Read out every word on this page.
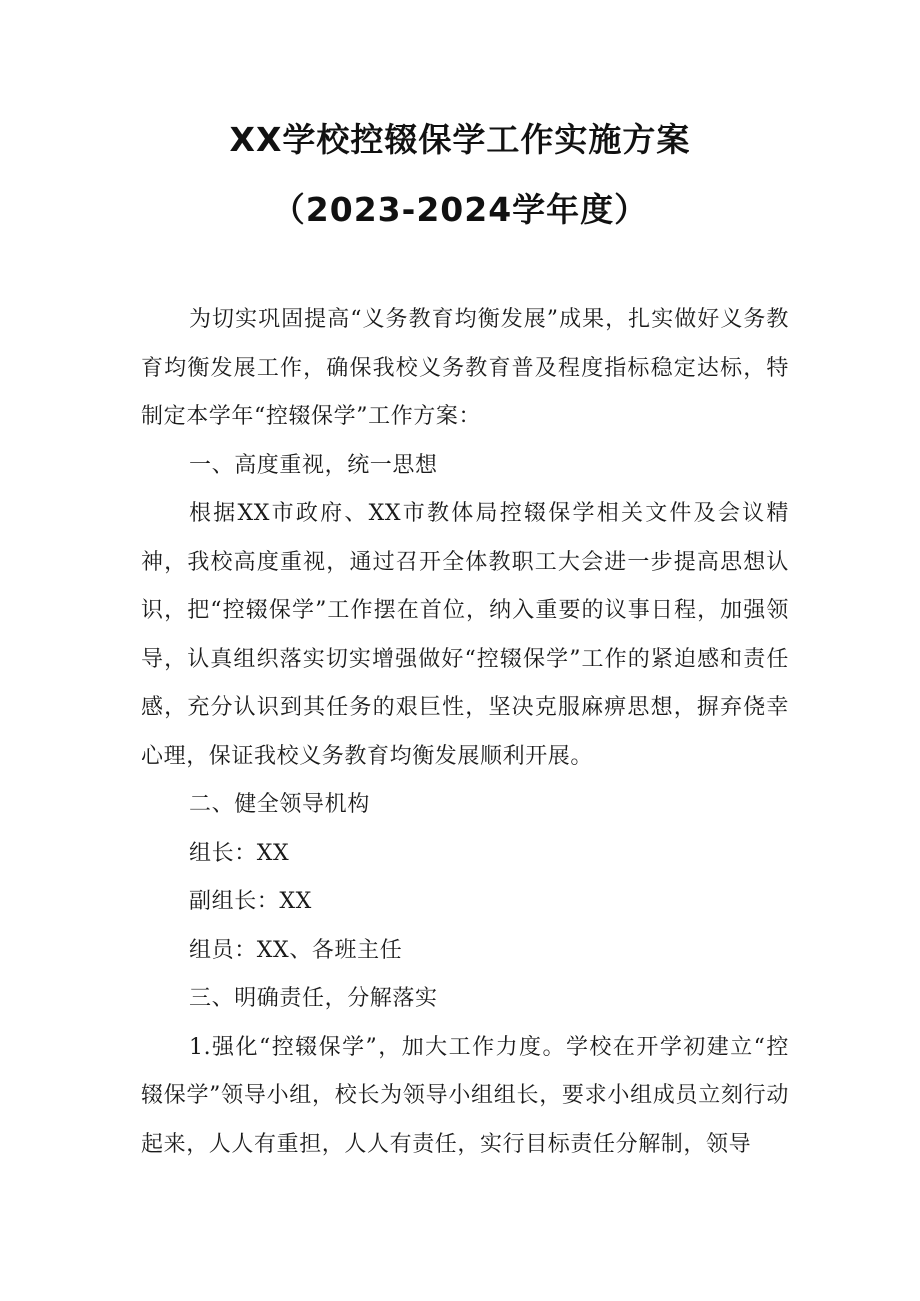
XX学校控辍保学工作实施方案
（2023-2024学年度）

为切实巩固提高“义务教育均衡发展”成果，扎实做好义务教育均衡发展工作，确保我校义务教育普及程度指标稳定达标，特制定本学年“控辍保学”工作方案：

一、高度重视，统一思想

根据XX市政府、XX市教体局控辍保学相关文件及会议精神，我校高度重视，通过召开全体教职工大会进一步提高思想认识，把“控辍保学”工作摆在首位，纳入重要的议事日程，加强领导，认真组织落实切实增强做好“控辍保学”工作的紧迫感和责任感，充分认识到其任务的艰巨性，坚决克服麻痹思想，摒弃侥幸心理，保证我校义务教育均衡发展顺利开展。

二、健全领导机构

组长：XX

副组长：XX

组员：XX、各班主任

三、明确责任，分解落实

1.强化“控辍保学”，加大工作力度。学校在开学初建立“控辍保学”领导小组，校长为领导小组组长，要求小组成员立刻行动起来，人人有重担，人人有责任，实行目标责任分解制，领导
